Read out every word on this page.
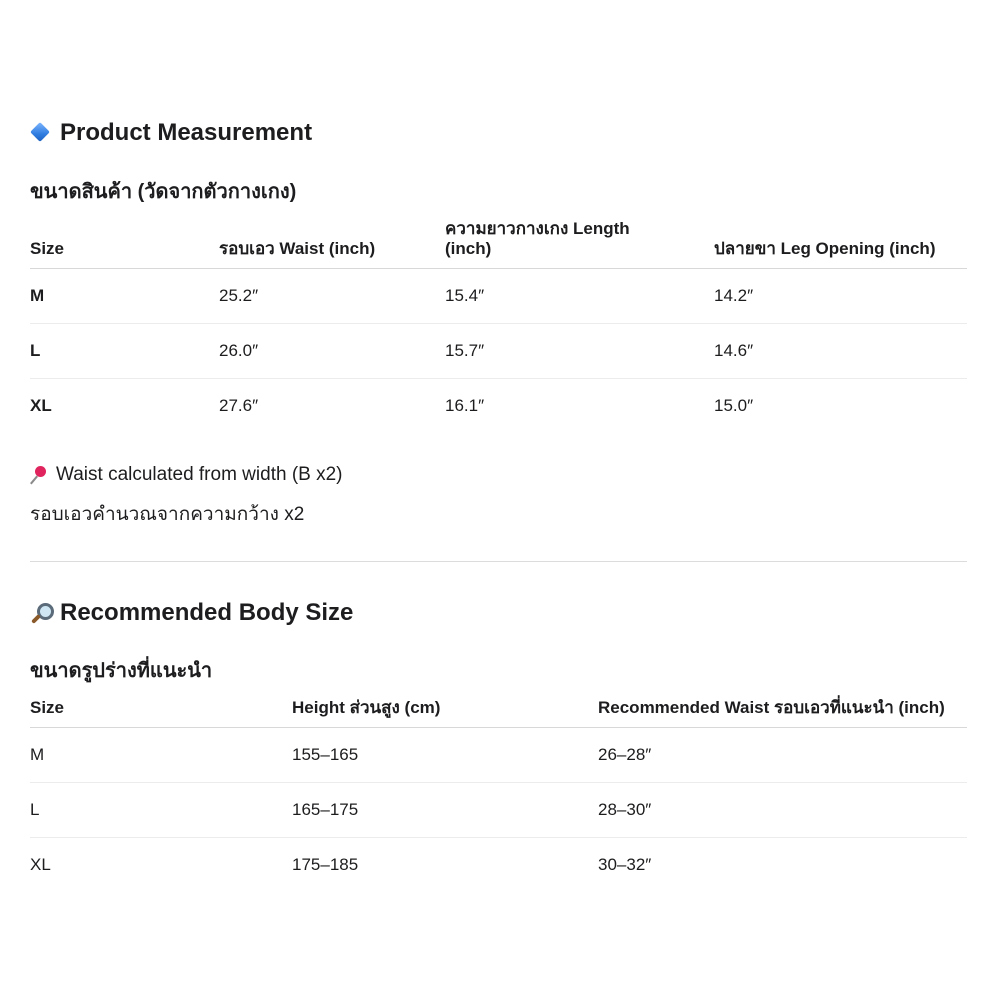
Product Measurement
ขนาดสินค้า (วัดจากตัวกางเกง)
Size	รอบเอว Waist (inch)	ความยาวกางเกง Length (inch)	ปลายขา Leg Opening (inch)
M	25.2″	15.4″	14.2″
L	26.0″	15.7″	14.6″
XL	27.6″	16.1″	15.0″
Waist calculated from width (B x2)
รอบเอวคำนวณจากความกว้าง x2
Recommended Body Size
ขนาดรูปร่างที่แนะนำ
Size	Height ส่วนสูง (cm)	Recommended Waist รอบเอวที่แนะนำ (inch)
M	155–165	26–28″
L	165–175	28–30″
XL	175–185	30–32″
